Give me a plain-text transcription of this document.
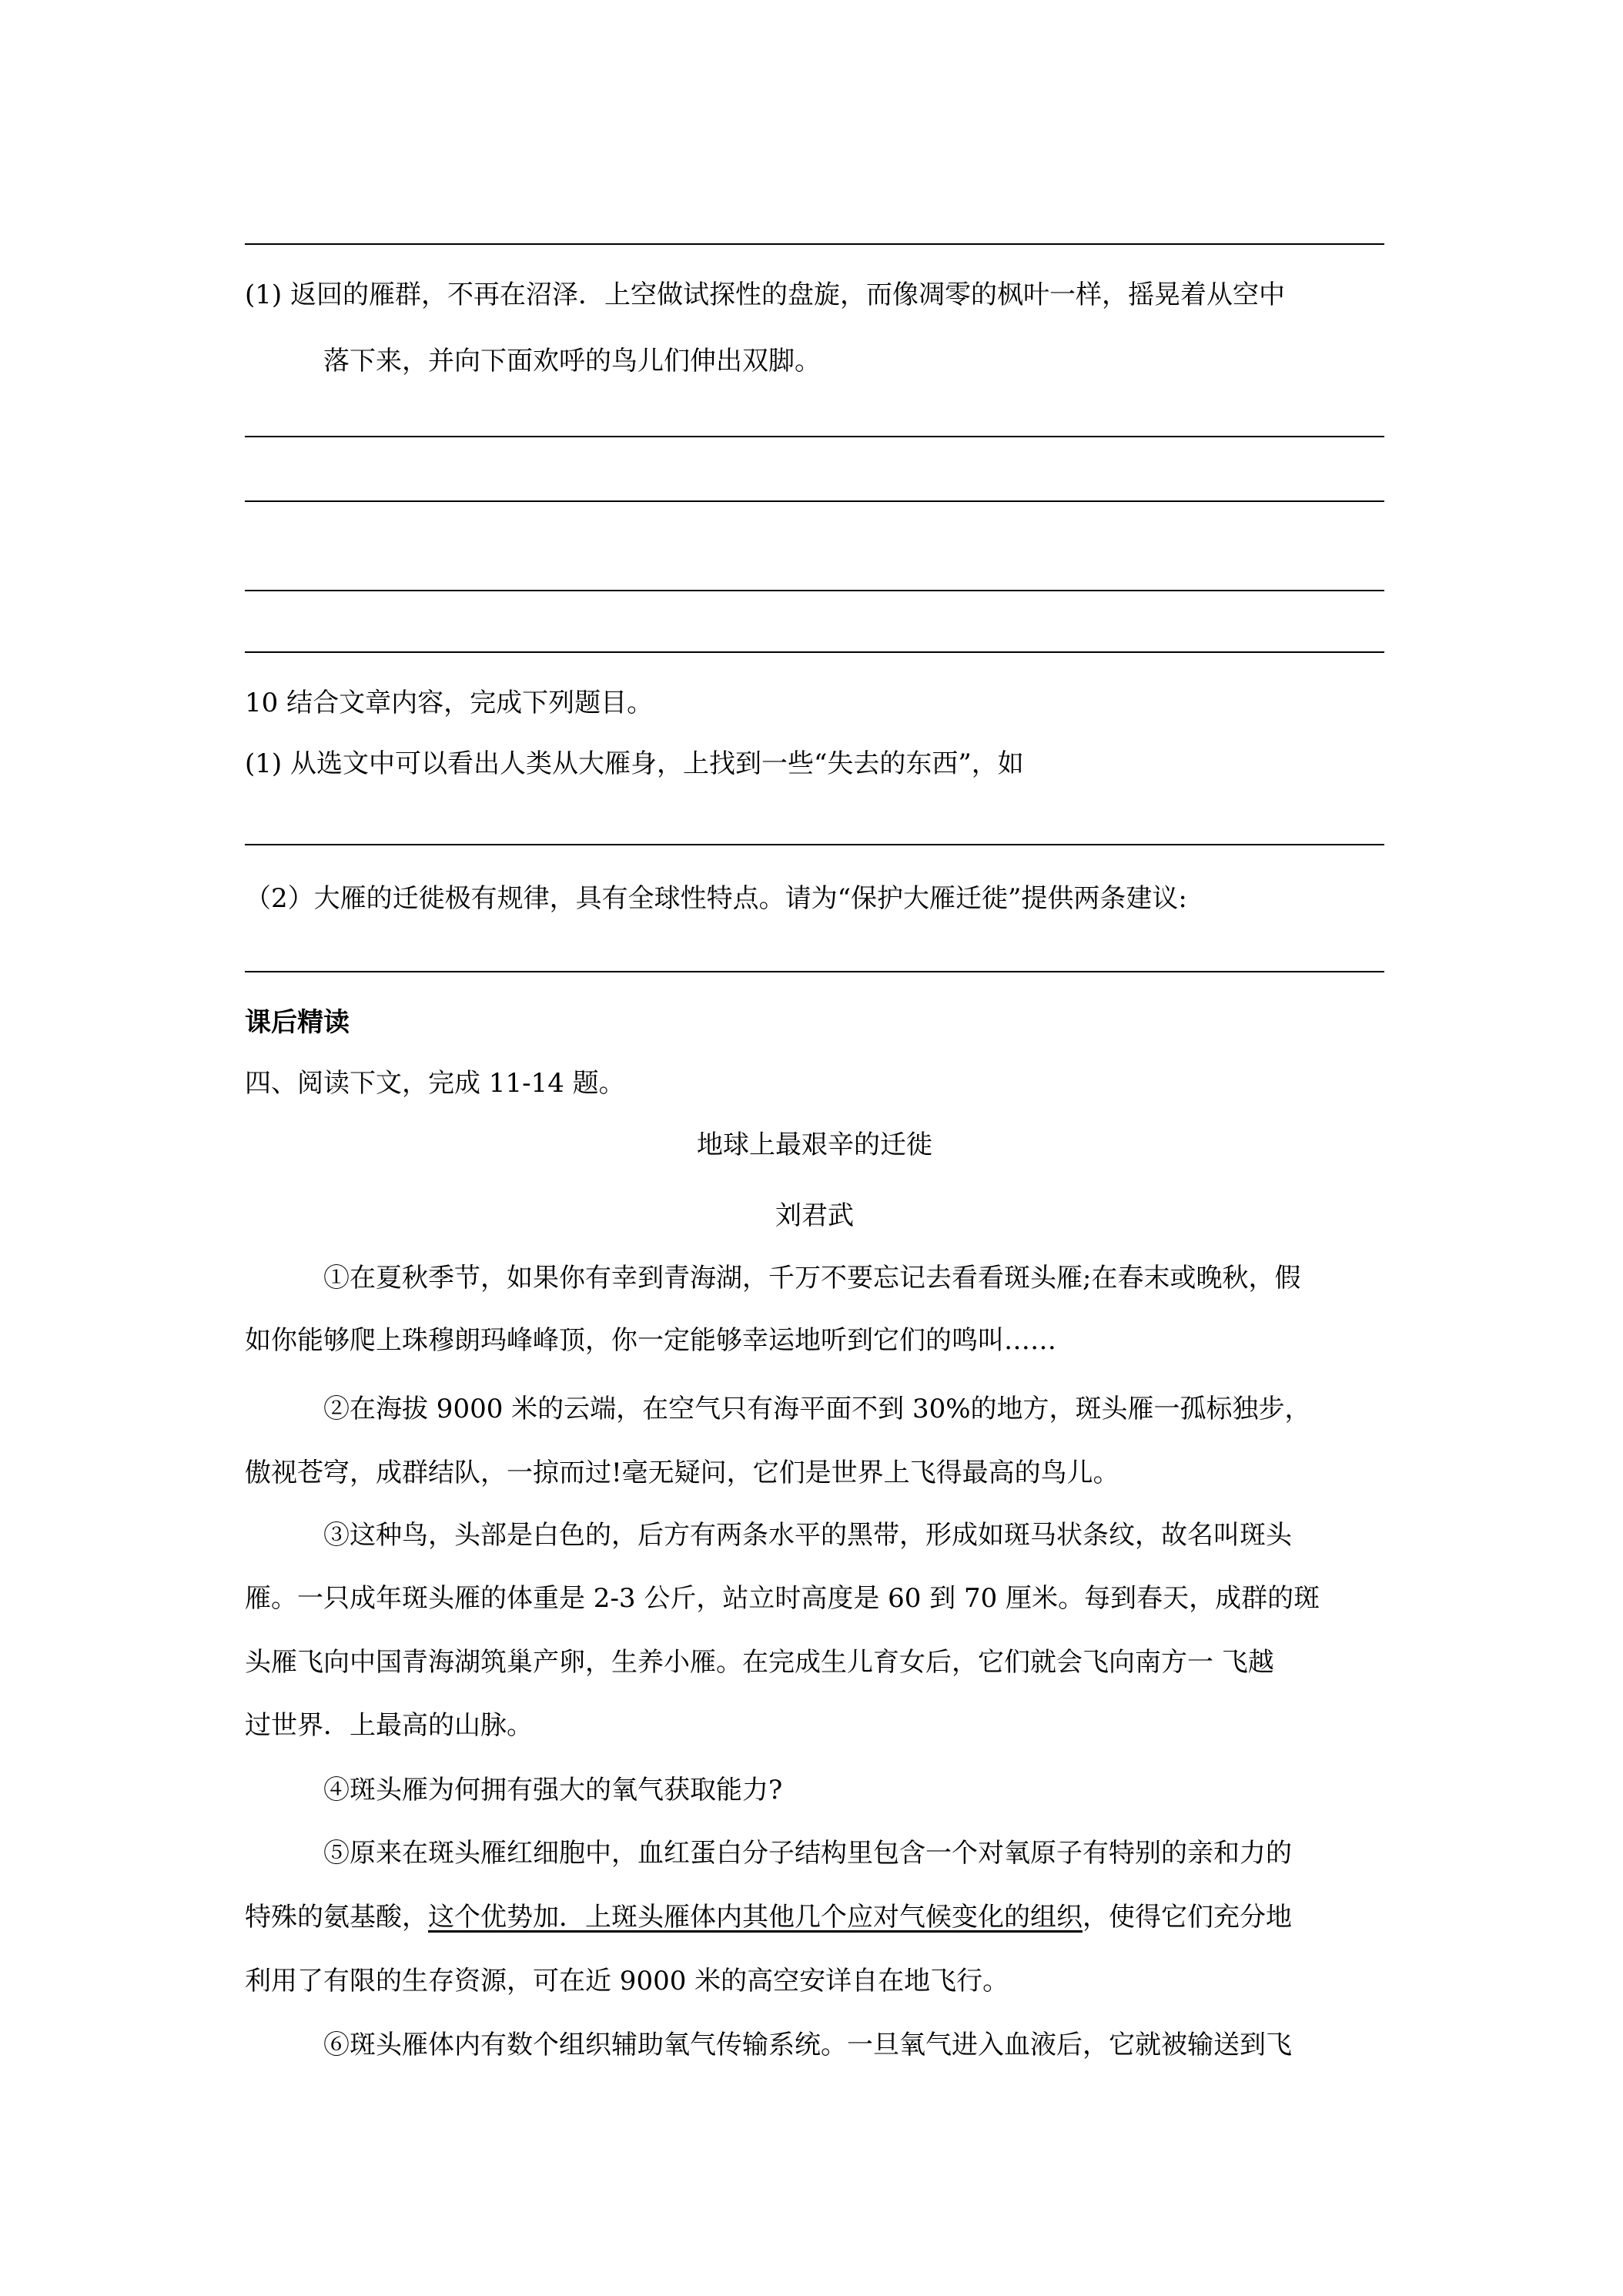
(1) 返回的雁群，不再在沼泽．上空做试探性的盘旋，而像凋零的枫叶一样，摇晃着从空中
落下来，并向下面欢呼的鸟儿们伸出双脚。
10 结合文章内容，完成下列题目。
(1) 从选文中可以看出人类从大雁身，上找到一些“失去的东西”，如
（2）大雁的迁徙极有规律，具有全球性特点。请为“保护大雁迁徙”提供两条建议:
课后精读
四、阅读下文，完成 11-14 题。
地球上最艰辛的迁徙
刘君武
①在夏秋季节，如果你有幸到青海湖，千万不要忘记去看看斑头雁;在春末或晚秋，假
如你能够爬上珠穆朗玛峰峰顶，你一定能够幸运地听到它们的鸣叫……
②在海拔 9000 米的云端，在空气只有海平面不到 30%的地方，斑头雁一孤标独步，
傲视苍穹，成群结队，一掠而过!毫无疑问，它们是世界上飞得最高的鸟儿。
③这种鸟，头部是白色的，后方有两条水平的黑带，形成如斑马状条纹，故名叫斑头
雁。一只成年斑头雁的体重是 2-3 公斤，站立时高度是 60 到 70 厘米。每到春天，成群的斑
头雁飞向中国青海湖筑巢产卵，生养小雁。在完成生儿育女后，它们就会飞向南方一 飞越
过世界．上最高的山脉。
④斑头雁为何拥有强大的氧气获取能力?
⑤原来在斑头雁红细胞中，血红蛋白分子结构里包含一个对氧原子有特别的亲和力的
特殊的氨基酸，这个优势加．上斑头雁体内其他几个应对气候变化的组织，使得它们充分地
利用了有限的生存资源，可在近 9000 米的高空安详自在地飞行。
⑥斑头雁体内有数个组织辅助氧气传输系统。一旦氧气进入血液后，它就被输送到飞
